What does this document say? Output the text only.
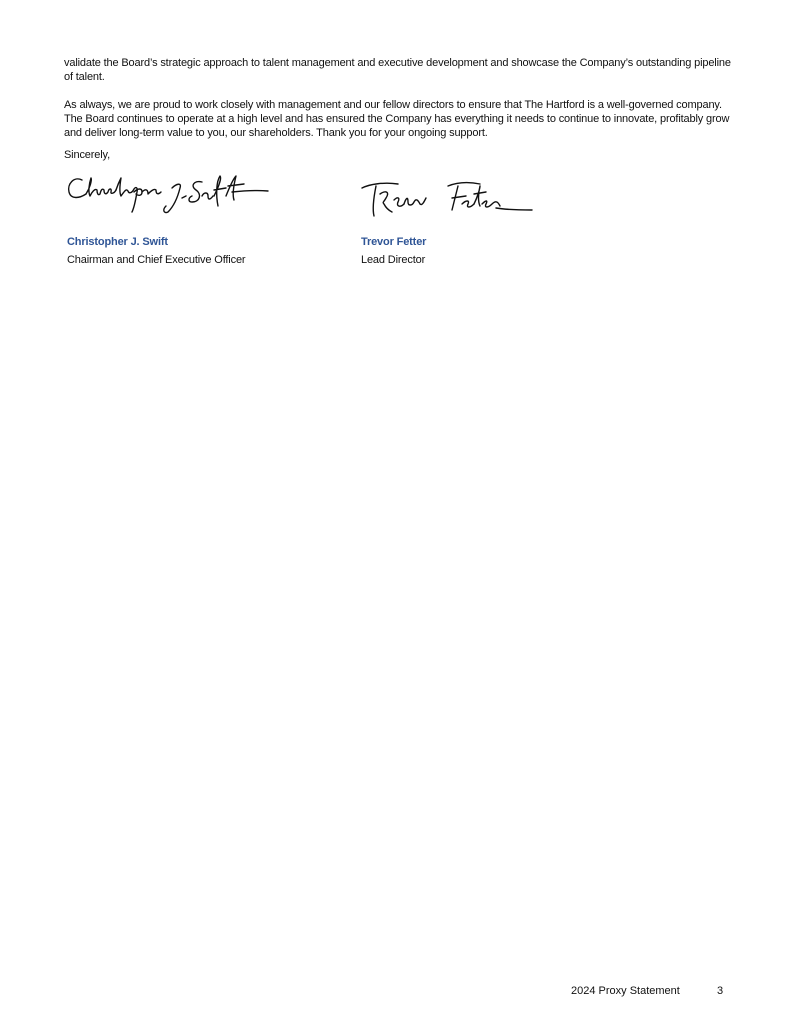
validate the Board’s strategic approach to talent management and executive development and showcase the Company’s outstanding pipeline of talent.

As always, we are proud to work closely with management and our fellow directors to ensure that The Hartford is a well-governed company. The Board continues to operate at a high level and has ensured the Company has everything it needs to continue to innovate, profitably grow and deliver long-term value to you, our shareholders. Thank you for your ongoing support.

Sincerely,

Christopher J. Swift
Chairman and Chief Executive Officer
Trevor Fetter
Lead Director
2024 Proxy Statement	3
